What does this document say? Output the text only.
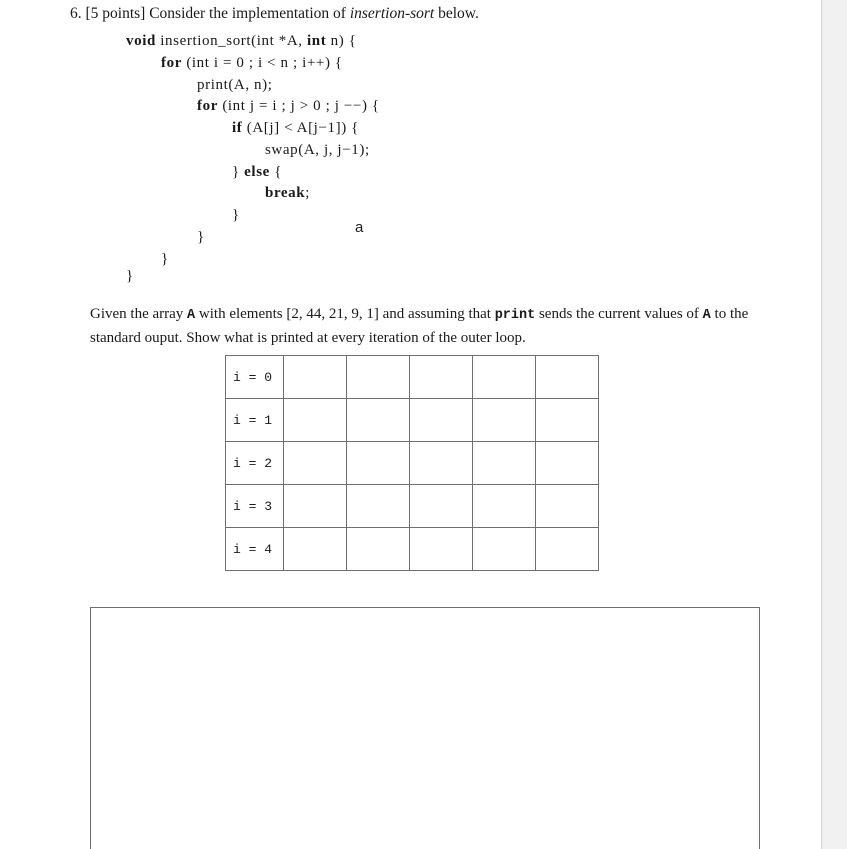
6. [5 points] Consider the implementation of insertion-sort below.

void insertion_sort(int *A, int n) {

for (int i = 0 ; i < n ; i++) {

print(A, n);

for (int j = i ; j > 0 ; j −−) {

if (A[j] < A[j−1]) {

swap(A, j, j−1);

} else {

break;

}

}

}

}

a
Given the array A with elements [2, 44, 21, 9, 1] and assuming that print sends the current values of A to the standard ouput. Show what is printed at every iteration of the outer loop.
i = 0					
i = 1					
i = 2					
i = 3					
i = 4					
